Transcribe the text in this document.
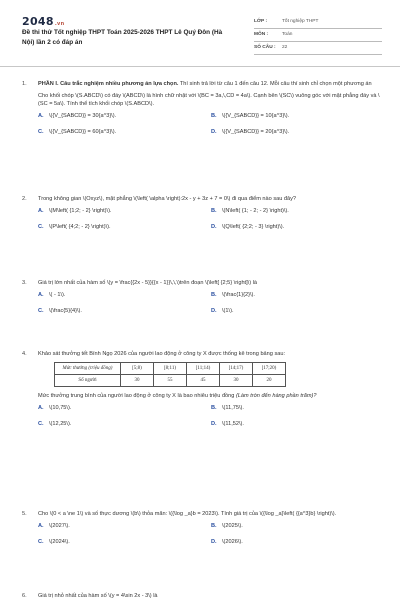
2048.vn
Đề thi thử Tốt nghiệp THPT Toán 2025-2026 THPT Lê Quý Đôn (Hà Nội) lần 2 có đáp án
LỚP :	Tốt nghiệp THPT
MÔN :	Toán
SỐ CÂU :	22
1.	PHẦN I. Câu trắc nghiệm nhiều phương án lựa chọn. Thí sinh trả lời từ câu 1 đến câu 12. Mỗi câu thí sinh chỉ chọn một phương án

Cho khối chóp \(S.ABCD\) có đáy \(ABCD\) là hình chữ nhật với \(BC = 3a,\,CD = 4a\). Cạnh bên \(SC\) vuông góc với mặt phẳng đáy và \(SC = 5a\). Tính thể tích khối chóp \(S.ABCD\).

A. \({V_{SABCD}} = 30{a^3}\).	B. \({V_{SABCD}} = 10{a^3}\).
C. \({V_{SABCD}} = 60{a^3}\).	D. \({V_{SABCD}} = 20{a^3}\).
2.	Trong không gian \(Oxyz\), mặt phẳng \(\left( \alpha \right):2x - y + 3z + 7 = 0\) đi qua điểm nào sau đây?

A. \(M\left( {1;2; - 2} \right)\).	B. \(N\left( {1; - 2; - 2} \right)\).
C. \(P\left( {4;2; - 2} \right)\).	D. \(Q\left( {2;2; - 3} \right)\).
3.	Giá trị lớn nhất của hàm số \(y = \frac{{2x - 5}}{{x - 1}}\,\,\)trên đoạn \(\left[ {2;5} \right]\) là

A. \( - 1\).	B. \(\frac{1}{2}\).
C. \(\frac{5}{4}\).	D. \(1\).
4.	Khảo sát thưởng tết Bính Ngọ 2026 của người lao động ở công ty X được thống kê trong bảng sau:

Mức thưởng (triệu đồng)	[5;8)	[8;11)	[11;14)	[14;17)	[17;20)
Số người	30	55	45	30	20

Mức thưởng trung bình của người lao động ở công ty X là bao nhiêu triệu đồng (Làm tròn đến hàng phần trăm)?

A. \(10,75\).	B. \(11,75\).
C. \(12,25\).	D. \(11,52\).
5.	Cho \(0 < a \ne 1\) và số thực dương \(b\) thỏa mãn: \({\log _a}b = 2023\). Tính giá trị của \({\log _a}\left( {{a^3}b} \right)\).

A. \(2027\).	B. \(2025\).
C. \(2024\).	D. \(2026\).
6.	Giá trị nhỏ nhất của hàm số \(y = 4\sin 2x - 3\) là
